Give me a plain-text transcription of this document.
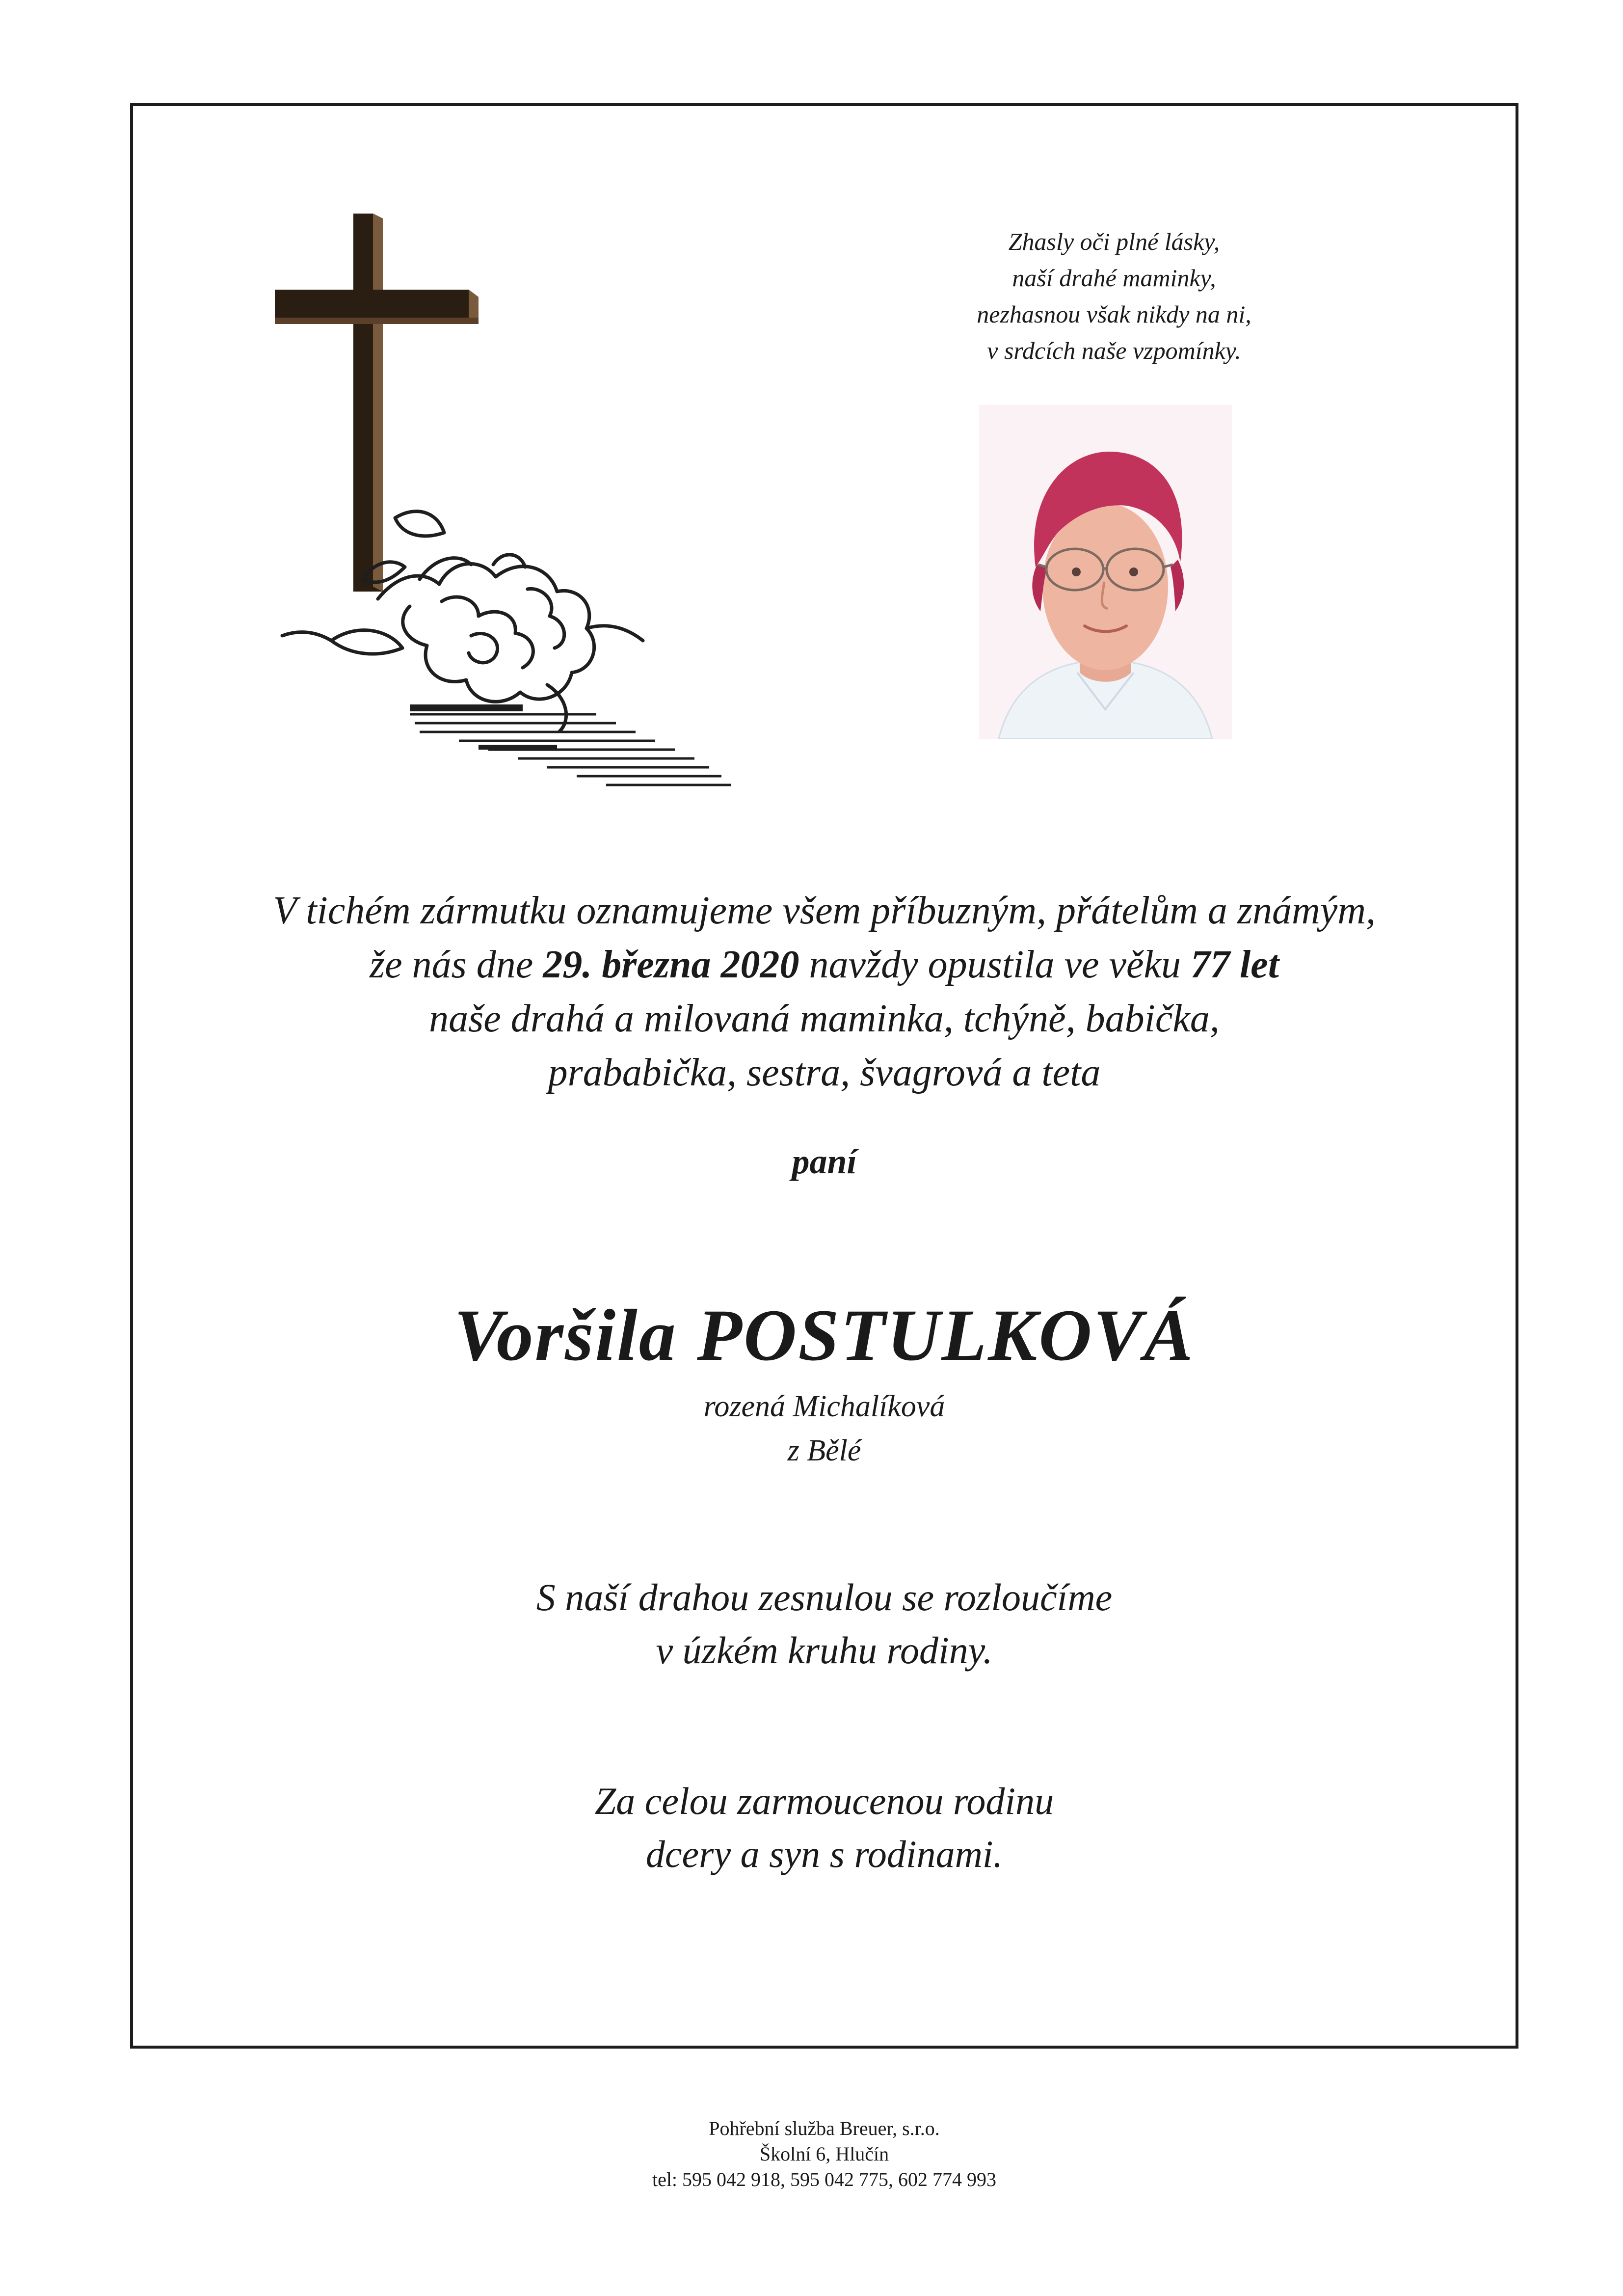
Zhasly oči plné lásky,
naší drahé maminky,
nezhasnou však nikdy na ni,
v srdcích naše vzpomínky.
V tichém zármutku oznamujeme všem příbuzným, přátelům a známým,
že nás dne 29. března 2020 navždy opustila ve věku 77 let
naše drahá a milovaná maminka, tchýně, babička,
prababička, sestra, švagrová a teta
paní
Voršila POSTULKOVÁ
rozená Michalíková
z Bělé
S naší drahou zesnulou se rozloučíme
v úzkém kruhu rodiny.
Za celou zarmoucenou rodinu
dcery a syn s rodinami.
Pohřební služba Breuer, s.r.o.
Školní 6, Hlučín
tel: 595 042 918, 595 042 775, 602 774 993
